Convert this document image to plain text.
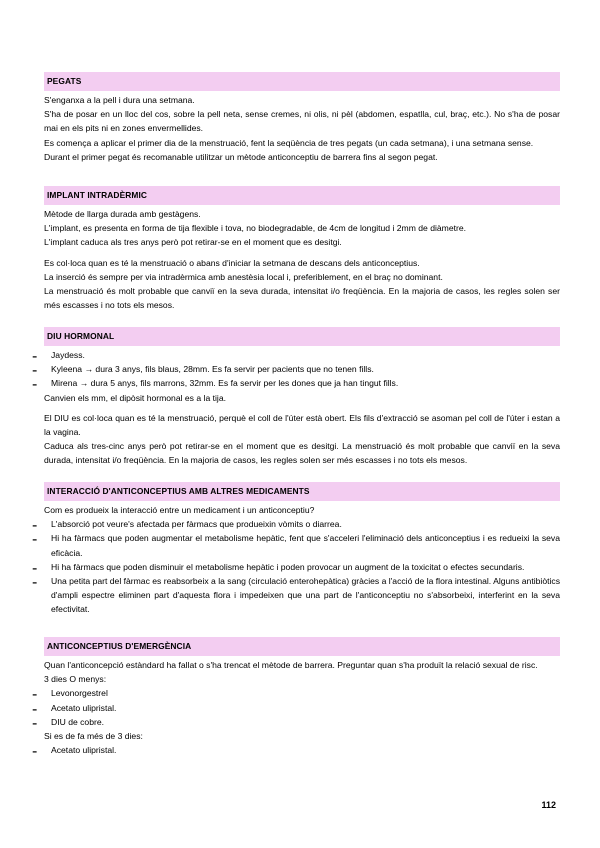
PEGATS

S'enganxa a la pell i dura una setmana.

S'ha de posar en un lloc del cos, sobre la pell neta, sense cremes, ni olis, ni pèl (abdomen, espatlla, cul, braç, etc.). No s'ha de posar mai en els pits ni en zones envermellides.

Es comença a aplicar el primer dia de la menstruació, fent la seqüència de tres pegats (un cada setmana), i una setmana sense.

Durant el primer pegat és recomanable utilitzar un mètode anticonceptiu de barrera fins al segon pegat.

IMPLANT INTRADÈRMIC

Mètode de llarga durada amb gestàgens.

L'implant, es presenta en forma de tija flexible i tova, no biodegradable, de 4cm de longitud i 2mm de diàmetre.

L'implant caduca als tres anys però pot retirar-se en el moment que es desitgi.

Es col·loca quan es té la menstruació o abans d'iniciar la setmana de descans dels anticonceptius.

La inserció és sempre per via intradèrmica amb anestèsia local i, preferiblement, en el braç no dominant.

La menstruació és molt probable que canviï en la seva durada, intensitat i/o freqüència. En la majoria de casos, les regles solen ser més escasses i no tots els mesos.

DIU HORMONAL
- Jaydess.

- Kyleena → dura 3 anys, fils blaus, 28mm. Es fa servir per pacients que no tenen fills.

- Mirena → dura 5 anys, fils marrons, 32mm. Es fa servir per les dones que ja han tingut fills.

Canvien els mm, el dipòsit hormonal es a la tija.

El DIU es col·loca quan es té la menstruació, perquè el coll de l'úter està obert. Els fils d'extracció se asoman pel coll de l'úter i estan a la vagina.

Caduca als tres-cinc anys però pot retirar-se en el moment que es desitgi. La menstruació és molt probable que canviï en la seva durada, intensitat i/o freqüència. En la majoria de casos, les regles solen ser més escasses i no tots els mesos.

INTERACCIÓ D'ANTICONCEPTIUS AMB ALTRES MEDICAMENTS

Com es produeix la interacció entre un medicament i un anticonceptiu?

- L'absorció pot veure's afectada per fàrmacs que produeixin vòmits o diarrea.

- Hi ha fàrmacs que poden augmentar el metabolisme hepàtic, fent que s'acceleri l'eliminació dels anticonceptius i es redueixi la seva eficàcia.

- Hi ha fàrmacs que poden disminuir el metabolisme hepàtic i poden provocar un augment de la toxicitat o efectes secundaris.

- Una petita part del fàrmac es reabsorbeix a la sang (circulació enterohepàtica) gràcies a l'acció de la flora intestinal. Alguns antibiòtics d'ampli espectre eliminen part d'aquesta flora i impedeixen que una part de l'anticonceptiu no s'absorbeixi, interferint en la seva efectivitat.

ANTICONCEPTIUS D'EMERGÈNCIA

Quan l'anticoncepció estàndard ha fallat o s'ha trencat el mètode de barrera. Preguntar quan s'ha produït la relació sexual de risc.

3 dies O menys:

- Levonorgestrel

- Acetato ulipristal.

- DIU de cobre.

Si es de fa més de 3 dies:

- Acetato ulipristal.

112
